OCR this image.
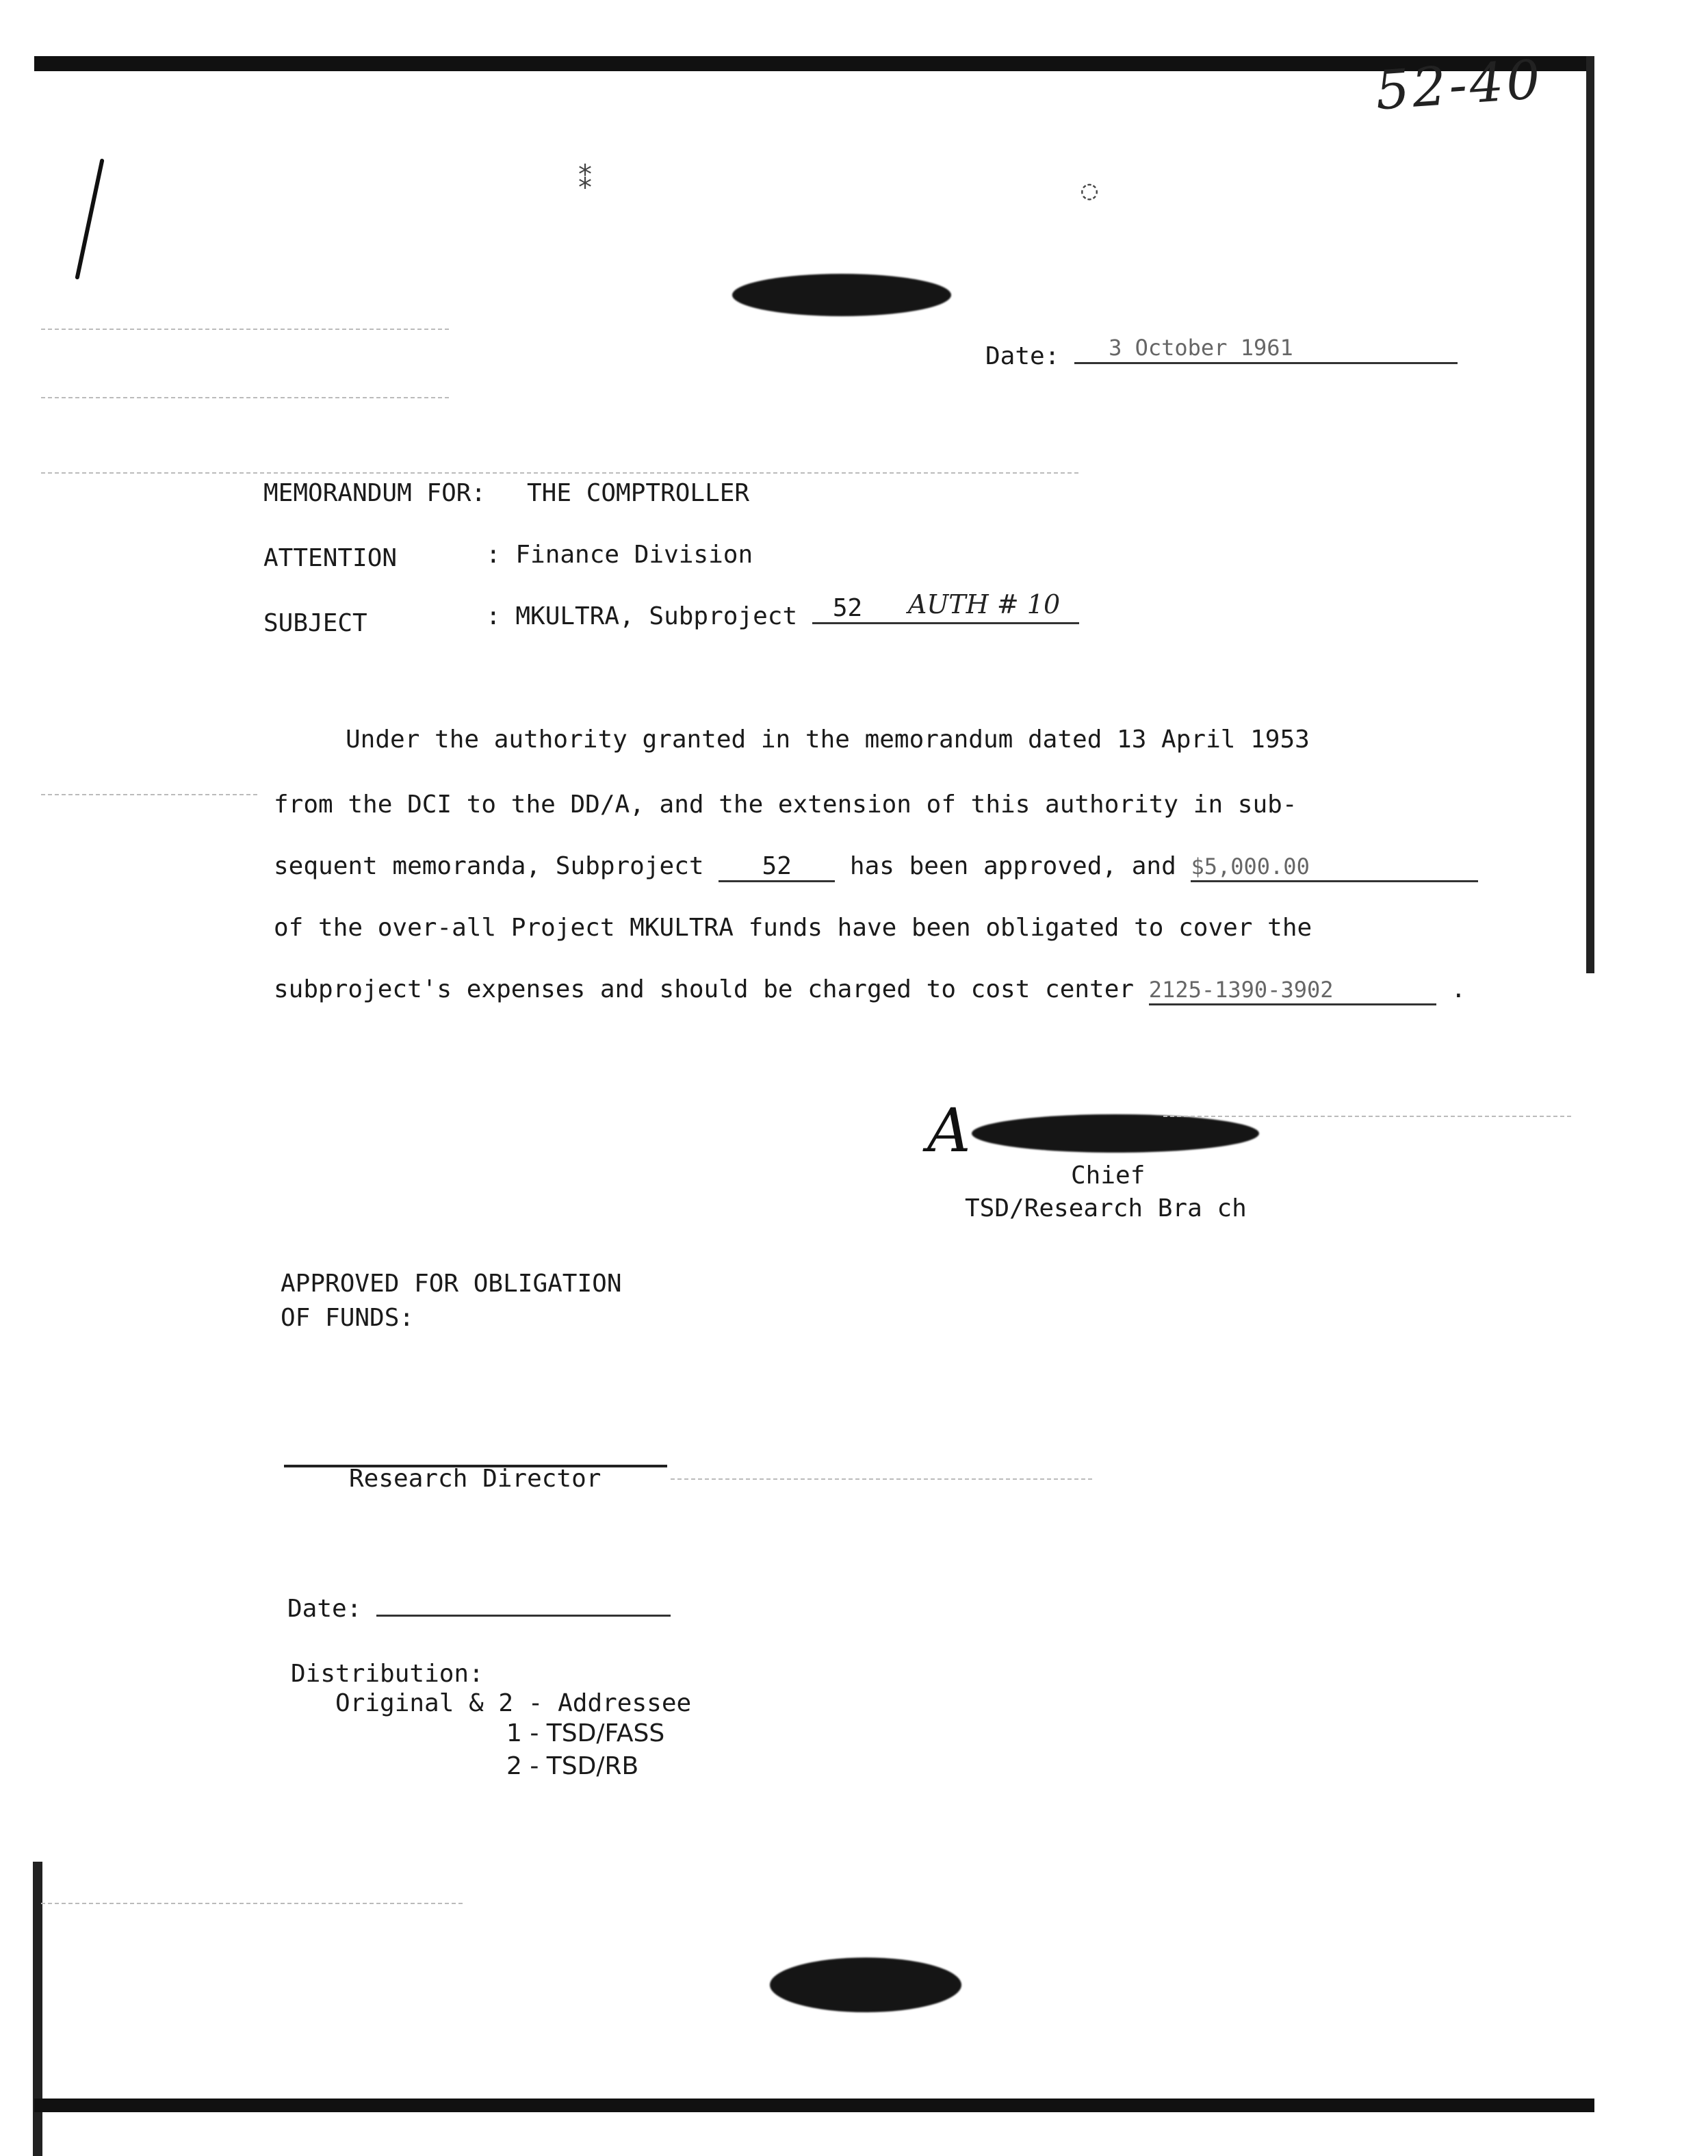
52-40
⁑	◌
Date: 3 October 1961
MEMORANDUM FOR: THE COMPTROLLER
ATTENTION	: Finance Division
SUBJECT	: MKULTRA, Subproject 52 AUTH # 10
Under the authority granted in the memorandum dated 13 April 1953
from the DCI to the DD/A, and the extension of this authority in sub-
sequent memoranda, Subproject 52 has been approved, and $5,000.00
of the over-all Project MKULTRA funds have been obligated to cover the
subproject's expenses and should be charged to cost center 2125-1390-3902	.
A
Chief
TSD/Research Bra ch
APPROVED FOR OBLIGATION
OF FUNDS:
Research Director
Date:
Distribution:
Original & 2 - Addressee
1 - TSD/FASS
2 - TSD/RB
